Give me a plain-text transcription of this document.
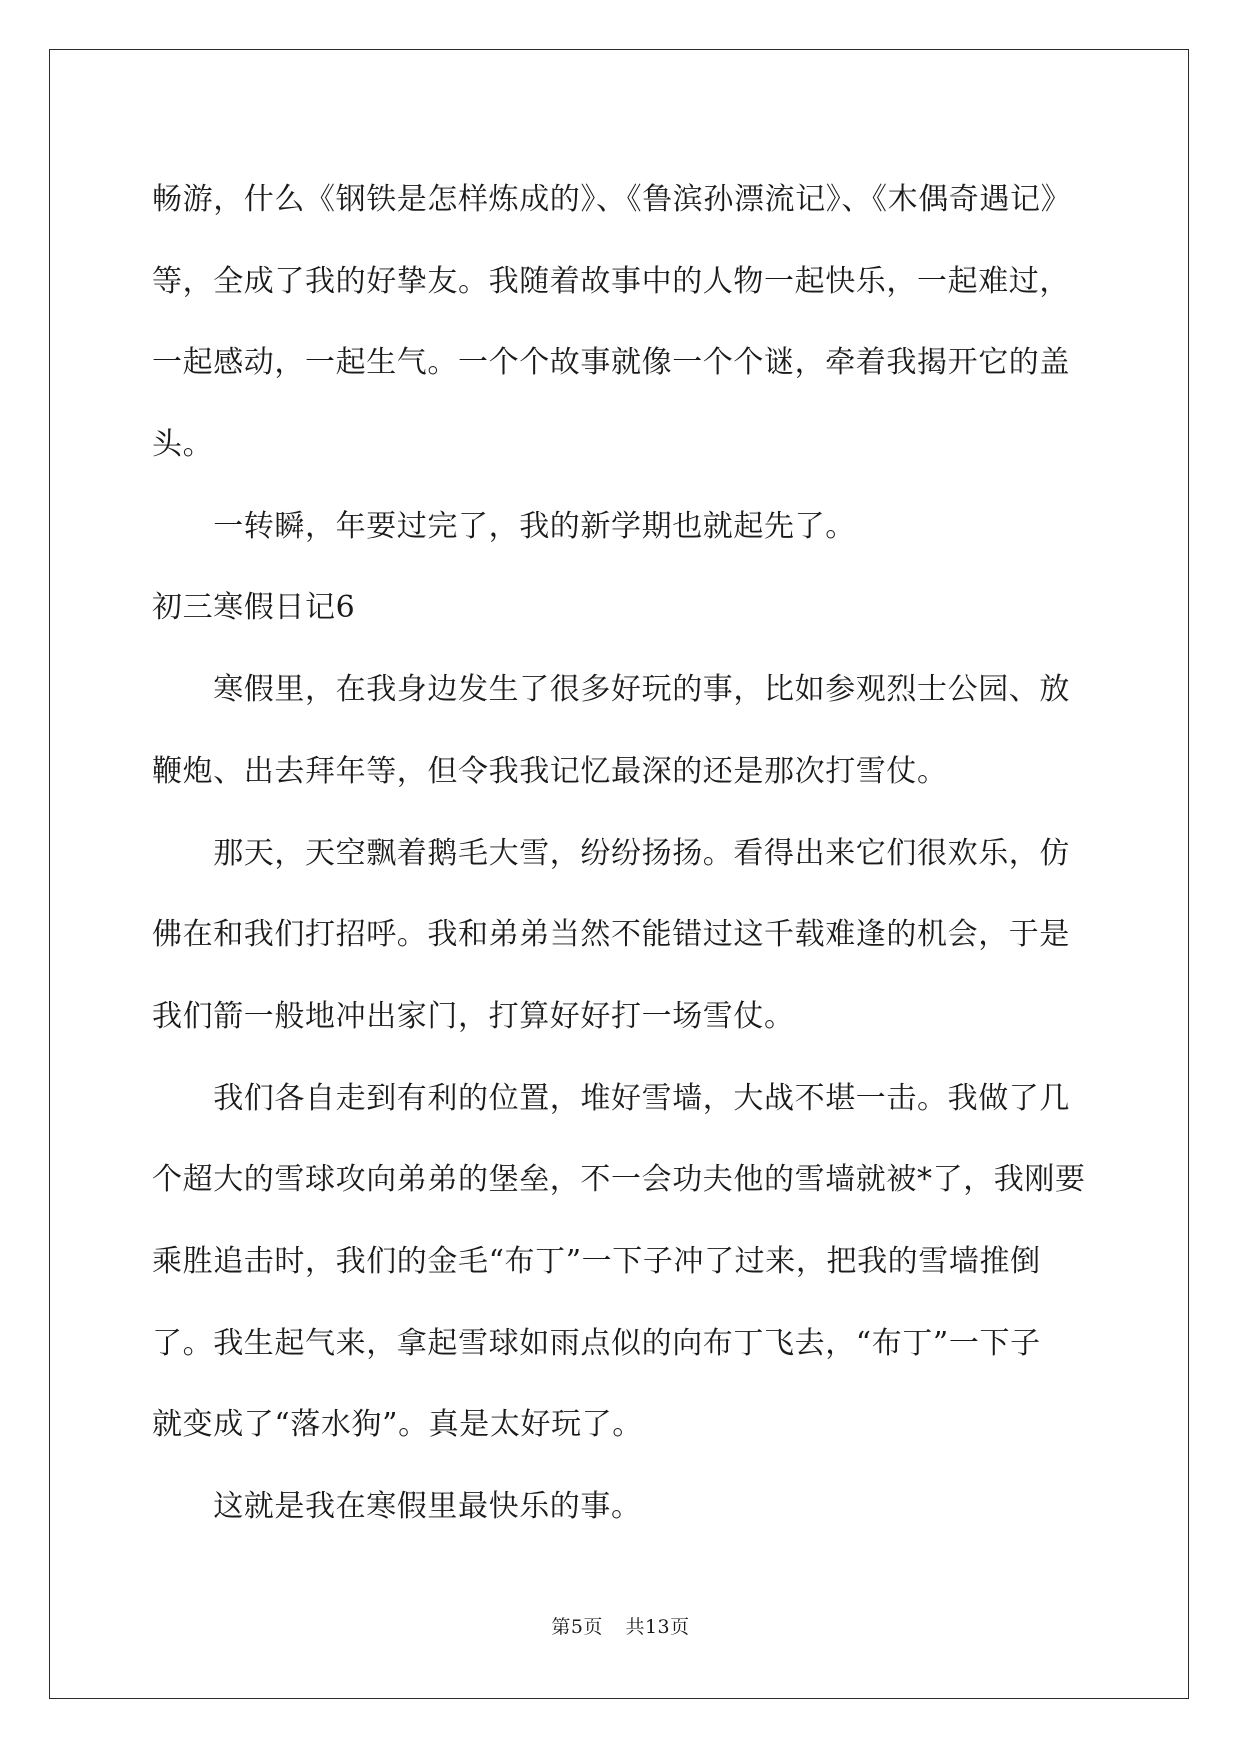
畅游，什么《钢铁是怎样炼成的》、《鲁滨孙漂流记》、《木偶奇遇记》
等，全成了我的好挚友。我随着故事中的人物一起快乐，一起难过，
一起感动，一起生气。一个个故事就像一个个谜，牵着我揭开它的盖
头。
　　一转瞬，年要过完了，我的新学期也就起先了。
初三寒假日记6
　　寒假里，在我身边发生了很多好玩的事，比如参观烈士公园、放
鞭炮、出去拜年等，但令我我记忆最深的还是那次打雪仗。
　　那天，天空飘着鹅毛大雪，纷纷扬扬。看得出来它们很欢乐，仿
佛在和我们打招呼。我和弟弟当然不能错过这千载难逢的机会，于是
我们箭一般地冲出家门，打算好好打一场雪仗。
　　我们各自走到有利的位置，堆好雪墙，大战不堪一击。我做了几
个超大的雪球攻向弟弟的堡垒，不一会功夫他的雪墙就被*了，我刚要
乘胜追击时，我们的金毛“布丁”一下子冲了过来，把我的雪墙推倒
了。我生起气来，拿起雪球如雨点似的向布丁飞去，“布丁”一下子
就变成了“落水狗”。真是太好玩了。
　　这就是我在寒假里最快乐的事。
第5页 共13页
